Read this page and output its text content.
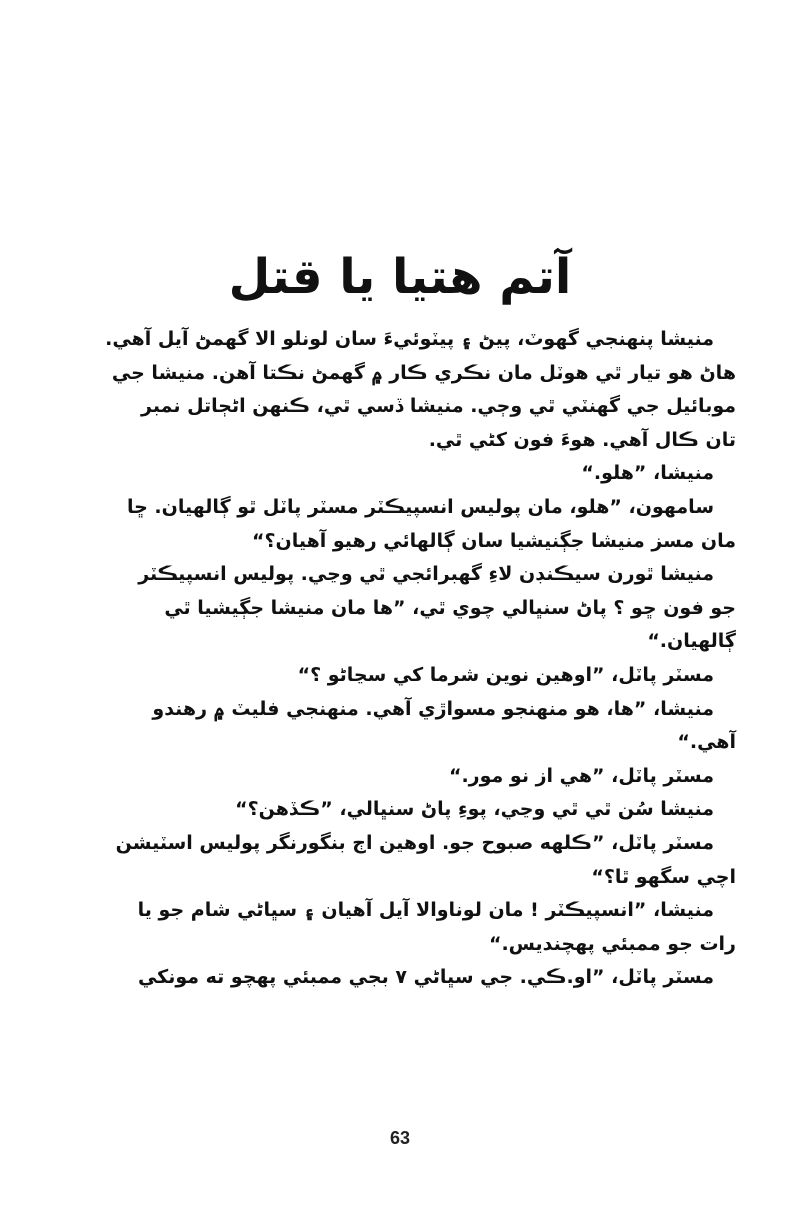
آتم هتيا يا قتل
منيشا پنهنجي گهوٽ، پيڻ ۽ پيٽوئيءَ سان لونلو الا گهمڻ آيل آهي.
هاڻ هو تيار ٿي هوٽل مان نڪري ڪار ۾ گهمڻ نڪتا آهن. منيشا جي
موبائيل جي گهنٽي ٿي وڄي. منيشا ڏسي ٿي، ڪنهن اڻڄاتل نمبر
تان ڪال آهي. هوءَ فون کڻي ٿي.
منيشا، ”هلو.“
سامهون، ”هلو، مان پوليس انسپيڪٽر مسٽر پاٽل ٿو ڳالهيان. ڇا
مان مسز منيشا جڳنيشيا سان ڳالهائي رهيو آهيان؟“
منيشا ٿورن سيڪنڊن لاءِ گهبرائجي ٿي وڃي. پوليس انسپيڪٽر
جو فون ڇو ؟ پاڻ سنڀالي چوي ٿي، ”ها مان منيشا جڳيشيا ٿي
ڳالهيان.“
مسٽر پاٽل، ”اوهين نوين شرما کي سڃاڻو ؟“
منيشا، ”ها، هو منهنجو مسواڙي آهي. منهنجي فليٽ ۾ رهندو
آهي.“
مسٽر پاٽل، ”هي از نو مور.“
منيشا سُن ٿي ٿي وڃي، پوءِ پاڻ سنڀالي، ”ڪڏهن؟“
مسٽر پاٽل، ”ڪلهه صبوح جو. اوهين اڄ بنگورنگر پوليس اسٽيشن
اچي سگهو ٿا؟“
منيشا، ”انسپيڪٽر ! مان لوناوالا آيل آهيان ۽ سڀاڻي شام جو يا
رات جو ممبئي پهچنديس.“
مسٽر پاٽل، ”او.ڪي. جي سڀاڻي ٧ بجي ممبئي پهچو ته مونکي
63
